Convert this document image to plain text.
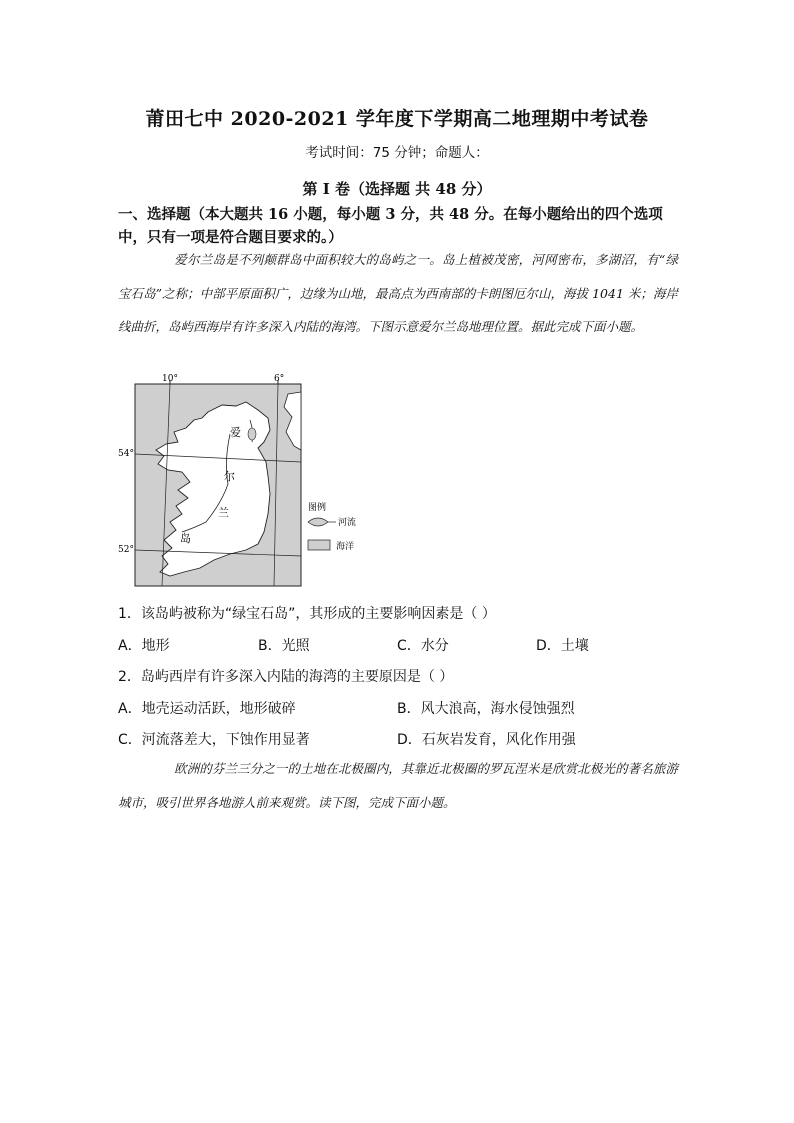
莆田七中 2020-2021 学年度下学期高二地理期中考试卷
考试时间：75 分钟；命题人：
第 I 卷（选择题 共 48 分）
一、选择题（本大题共 16 小题，每小题 3 分，共 48 分。在每小题给出的四个选项中，只有一项是符合题目要求的。）
爱尔兰岛是不列颠群岛中面积较大的岛屿之一。岛上植被茂密，河网密布，多湖沼，有“绿宝石岛”之称；中部平原面积广，边缘为山地，最高点为西南部的卡朗图厄尔山，海拔 1041 米；海岸线曲折，岛屿西海岸有许多深入内陆的海湾。下图示意爱尔兰岛地理位置。据此完成下面小题。
10°	6°
54°
52°
爱
尔
兰
岛
图例
河流
海洋
1．该岛屿被称为“绿宝石岛”，其形成的主要影响因素是（ ）
A．地形	B．光照	C．水分	D．土壤
2．岛屿西岸有许多深入内陆的海湾的主要原因是（ ）
A．地壳运动活跃，地形破碎	B．风大浪高，海水侵蚀强烈
C．河流落差大，下蚀作用显著	D．石灰岩发育，风化作用强
欧洲的芬兰三分之一的土地在北极圈内，其靠近北极圈的罗瓦涅米是欣赏北极光的著名旅游城市，吸引世界各地游人前来观赏。读下图，完成下面小题。
